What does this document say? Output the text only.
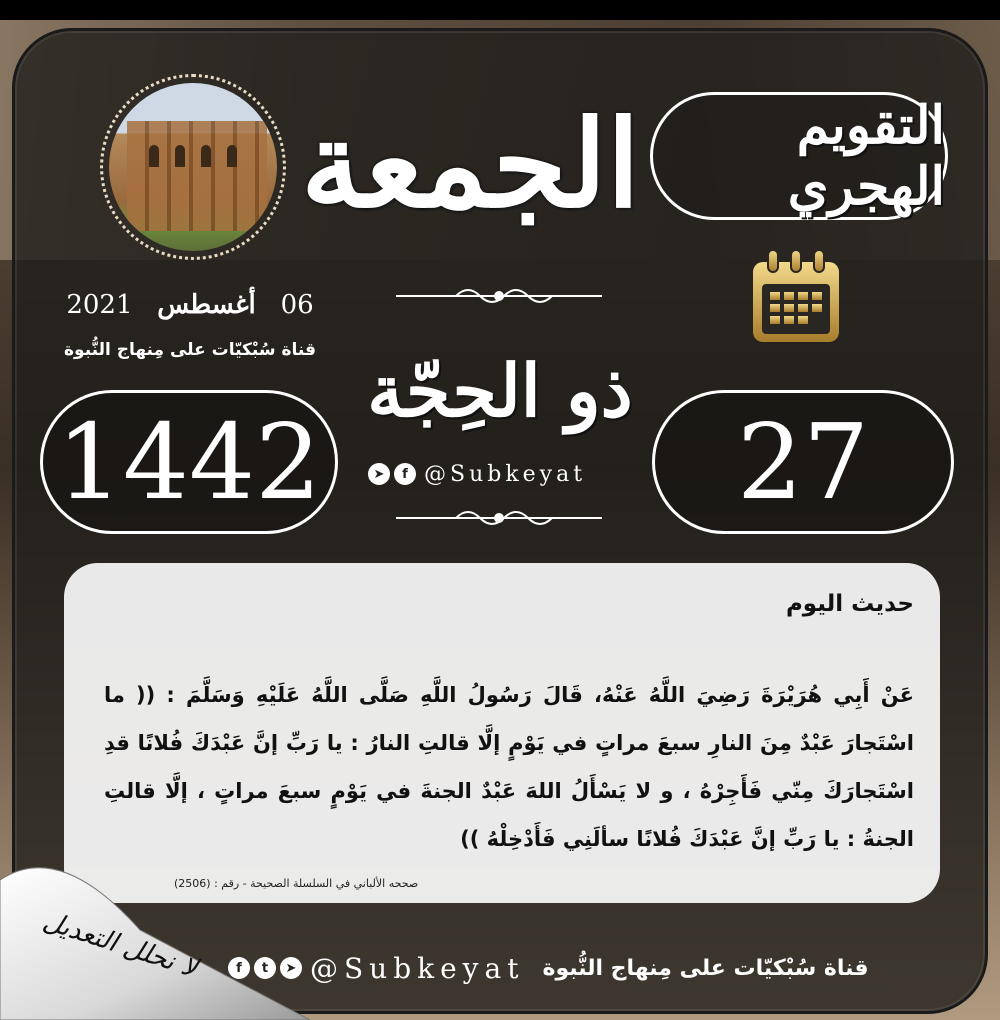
الجمعة	التقويم الهجري
06   أغسطس   2021
قناة سُبْكيّات على مِنهاج النُّبوة ذو الحِجّة
➤	f @Subkeyat
1442	27
حديث اليوم
عَنْ أَبِي هُرَيْرَةَ رَضِيَ اللَّهُ عَنْهُ، قَالَ رَسُولُ اللَّهِ صَلَّى اللَّهُ عَلَيْهِ وَسَلَّمَ : (( ما اسْتَجارَ عَبْدٌ مِنَ النارِ سبعَ مراتٍ في يَوْمٍ إلَّا قالتِ النارُ : يا رَبِّ إنَّ عَبْدَكَ فُلانًا قدِ اسْتَجارَكَ مِنّي فَأَجِرْهُ ، و لا يَسْأَلُ اللهَ عَبْدٌ الجنةَ في يَوْمٍ سبعَ مراتٍ ، إلَّا قالتِ الجنةُ : يا رَبِّ إنَّ عَبْدَكَ فُلانًا سألَنِي فَأَدْخِلْهُ ))
صححه الألباني في السلسلة الصحيحة - رقم : (2506)
f	t	➤ @Subkeyat قناة سُبْكيّات على مِنهاج النُّبوة
لا نحلل التعديل
